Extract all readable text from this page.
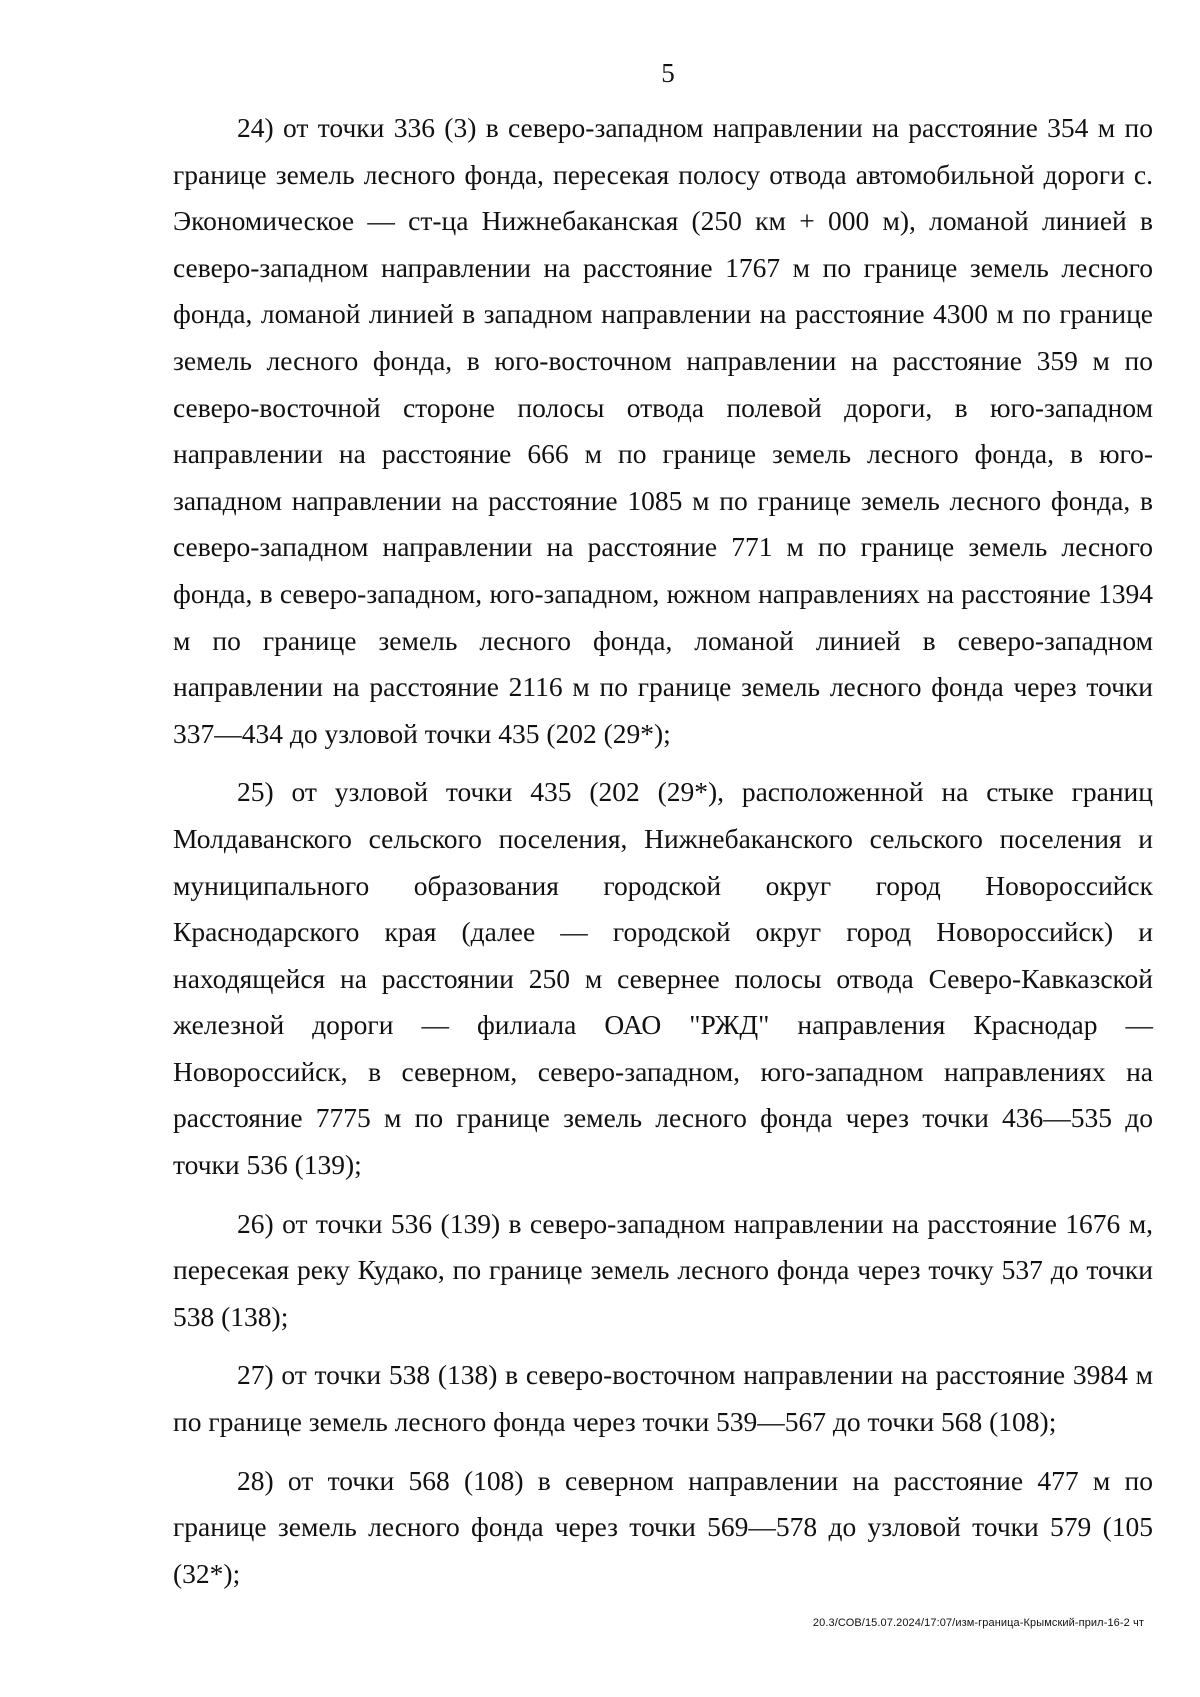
5

24) от точки 336 (3) в северо-западном направлении на расстояние 354 м по границе земель лесного фонда, пересекая полосу отвода автомобильной дороги с. Экономическое — ст-ца Нижнебаканская (250 км + 000 м), ломаной линией в северо-западном направлении на расстояние 1767 м по границе земель лесного фонда, ломаной линией в западном направлении на расстояние 4300 м по границе земель лесного фонда, в юго-восточном направлении на расстояние 359 м по северо-восточной стороне полосы отвода полевой дороги, в юго-западном направлении на расстояние 666 м по границе земель лесного фонда, в юго-западном направлении на расстояние 1085 м по границе земель лесного фонда, в северо-западном направлении на расстояние 771 м по границе земель лесного фонда, в северо-западном, юго-западном, южном направлениях на расстояние 1394 м по границе земель лесного фонда, ломаной линией в северо-западном направлении на расстояние 2116 м по границе земель лесного фонда через точки 337—434 до узловой точки 435 (202 (29*);

25) от узловой точки 435 (202 (29*), расположенной на стыке границ Молдаванского сельского поселения, Нижнебаканского сельского поселения и муниципального образования городской округ город Новороссийск Краснодарского края (далее — городской округ город Новороссийск) и находящейся на расстоянии 250 м севернее полосы отвода Северо-Кавказской железной дороги — филиала ОАО "РЖД" направления Краснодар — Новороссийск, в северном, северо-западном, юго-западном направлениях на расстояние 7775 м по границе земель лесного фонда через точки 436—535 до точки 536 (139);

26) от точки 536 (139) в северо-западном направлении на расстояние 1676 м, пересекая реку Кудако, по границе земель лесного фонда через точку 537 до точки 538 (138);

27) от точки 538 (138) в северо-восточном направлении на расстояние 3984 м по границе земель лесного фонда через точки 539—567 до точки 568 (108);

28) от точки 568 (108) в северном направлении на расстояние 477 м по границе земель лесного фонда через точки 569—578 до узловой точки 579 (105 (32*);

20.3/СОВ/15.07.2024/17:07/изм-граница-Крымский-прил-16-2 чт
